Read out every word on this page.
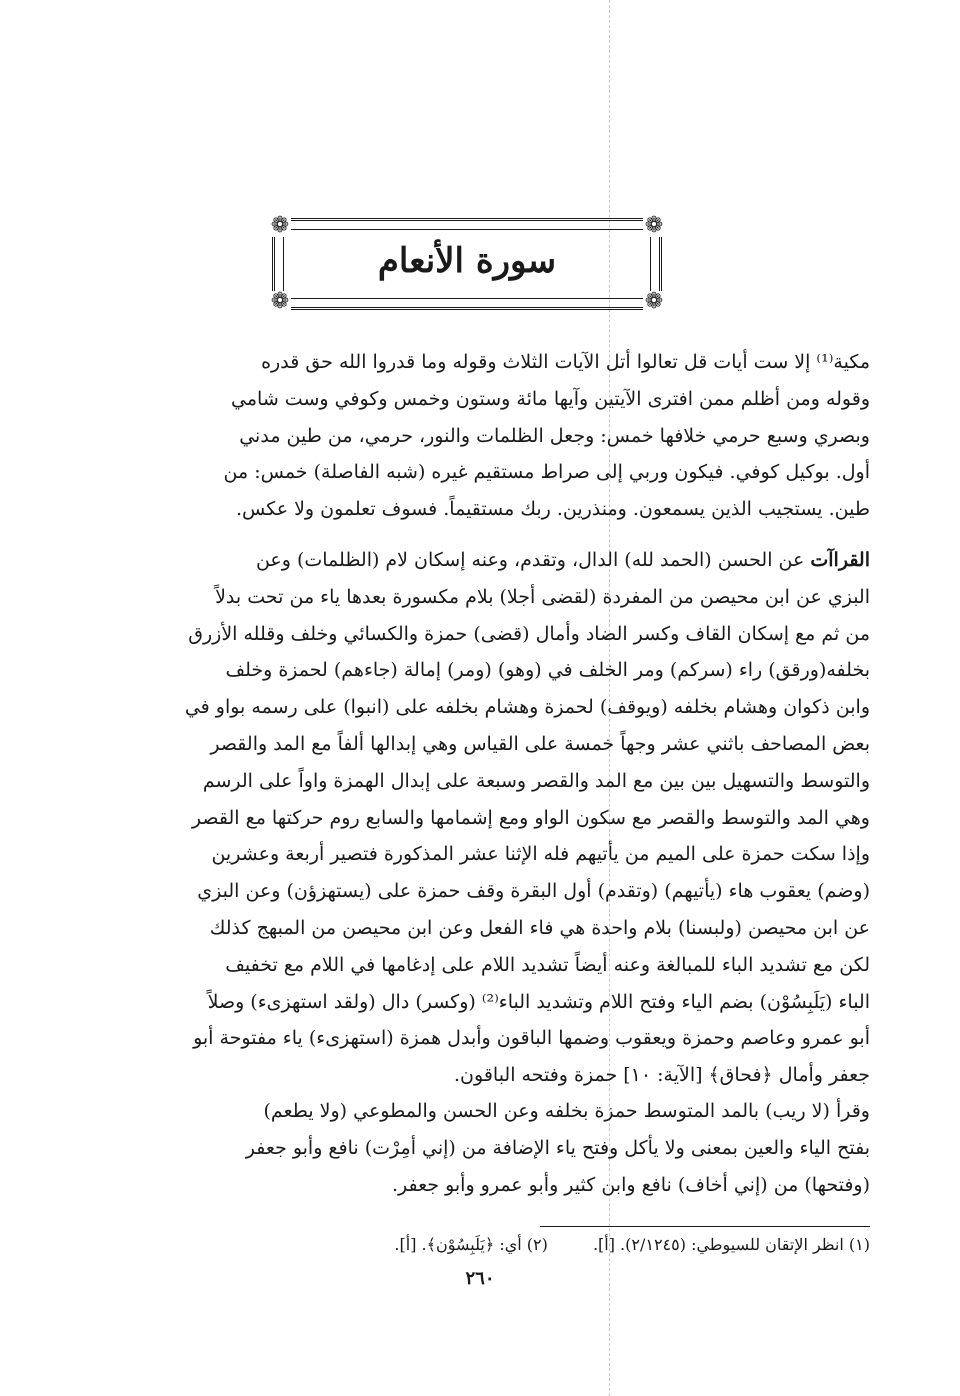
❁	❁
❁	❁
سورة الأنعام

مكية⁽¹⁾ إلا ست أيات قل تعالوا أتل الآيات الثلاث وقوله وما قدروا الله حق قدره

وقوله ومن أظلم ممن افترى الآيتين وآيها مائة وستون وخمس وكوفي وست شامي

وبصري وسبع حرمي خلافها خمس: وجعل الظلمات والنور، حرمي، من طين مدني

أول. بوكيل كوفي. فيكون وربي إلى صراط مستقيم غيره (شبه الفاصلة) خمس: من

طين. يستجيب الذين يسمعون. ومنذرين. ربك مستقيماً. فسوف تعلمون ولا عكس.

القراآت عن الحسن (الحمد لله) الدال، وتقدم، وعنه إسكان لام (الظلمات) وعن

البزي عن ابن محيصن من المفردة (لقضى أجلا) بلام مكسورة بعدها ياء من تحت بدلاً

من ثم مع إسكان القاف وكسر الضاد وأمال (قضى) حمزة والكسائي وخلف وقلله الأزرق

بخلفه(ورقق) راء (سركم) ومر الخلف في (وهو) (ومر) إمالة (جاءهم) لحمزة وخلف

وابن ذكوان وهشام بخلفه (ويوقف) لحمزة وهشام بخلفه على (انبوا) على رسمه بواو في

بعض المصاحف باثني عشر وجهاً خمسة على القياس وهي إبدالها ألفاً مع المد والقصر

والتوسط والتسهيل بين بين مع المد والقصر وسبعة على إبدال الهمزة واواً على الرسم

وهي المد والتوسط والقصر مع سكون الواو ومع إشمامها والسابع روم حركتها مع القصر

وإذا سكت حمزة على الميم من يأتيهم فله الإثنا عشر المذكورة فتصير أربعة وعشرين

(وضم) يعقوب هاء (يأتيهم) (وتقدم) أول البقرة وقف حمزة على (يستهزؤن) وعن البزي

عن ابن محيصن (ولبسنا) بلام واحدة هي فاء الفعل وعن ابن محيصن من المبهج كذلك

لكن مع تشديد الباء للمبالغة وعنه أيضاً تشديد اللام على إدغامها في اللام مع تخفيف

الباء (يَلَبِسُوْن) بضم الياء وفتح اللام وتشديد الباء⁽²⁾ (وكسر) دال (ولقد استهزىء) وصلاً

أبو عمرو وعاصم وحمزة ويعقوب وضمها الباقون وأبدل همزة (استهزىء) ياء مفتوحة أبو

جعفر وأمال ﴿فحاق﴾ [الآية: ١٠] حمزة وفتحه الباقون.

وقرأ (لا ريب) بالمد المتوسط حمزة بخلفه وعن الحسن والمطوعي (ولا يطعم)

بفتح الياء والعين بمعنى ولا يأكل وفتح ياء الإضافة من (إني أمِرْت) نافع وأبو جعفر

(وفتحها) من (إني أخاف) نافع وابن كثير وأبو عمرو وأبو جعفر.

(١) انظر الإتقان للسيوطي: (٢/١٢٤٥). [أ]. (٢) أي: ﴿يَلَبِسُوْن﴾. [أ].
٢٦٠
